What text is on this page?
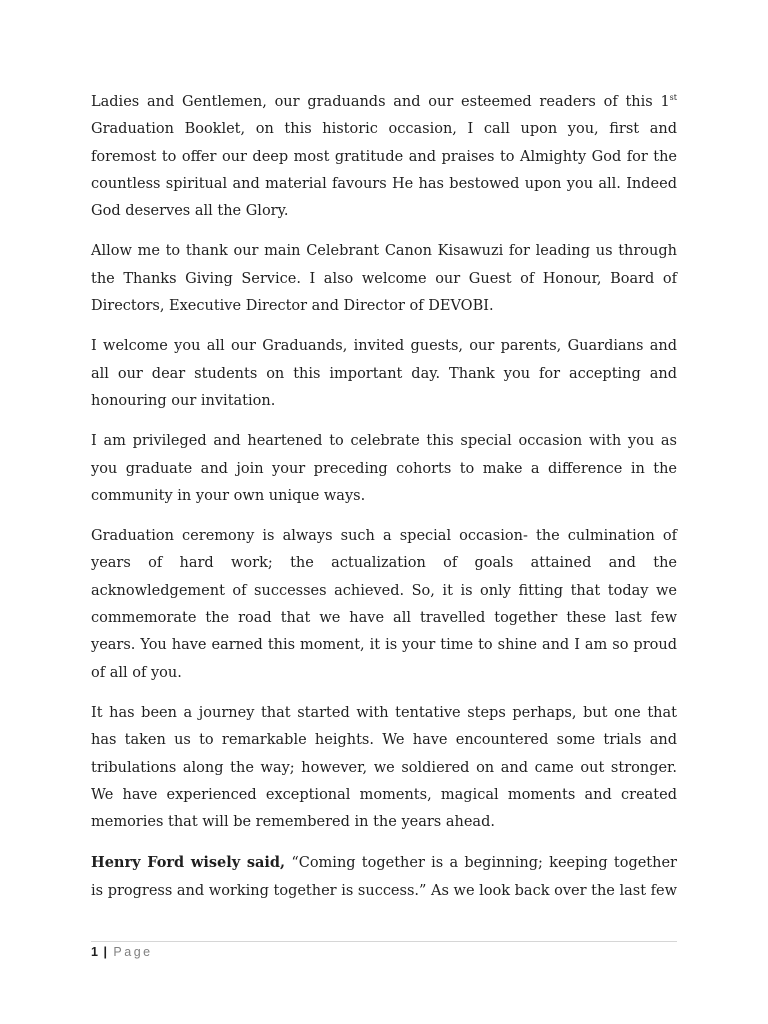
Ladies and Gentlemen, our graduands and our esteemed readers of this 1st Graduation Booklet, on this historic occasion, I call upon you, first and foremost to offer our deep most gratitude and praises to Almighty God for the countless spiritual and material favours He has bestowed upon you all. Indeed God deserves all the Glory.

Allow me to thank our main Celebrant Canon Kisawuzi for leading us through the Thanks Giving Service. I also welcome our Guest of Honour, Board of Directors, Executive Director and Director of DEVOBI.

I welcome you all our Graduands, invited guests, our parents, Guardians and all our dear students on this important day. Thank you for accepting and honouring our invitation.

I am privileged and heartened to celebrate this special occasion with you as you graduate and join your preceding cohorts to make a difference in the community in your own unique ways.

Graduation ceremony is always such a special occasion- the culmination of years of hard work; the actualization of goals attained and the acknowledgement of successes achieved. So, it is only fitting that today we commemorate the road that we have all travelled together these last few years. You have earned this moment, it is your time to shine and I am so proud of all of you.

It has been a journey that started with tentative steps perhaps, but one that has taken us to remarkable heights. We have encountered some trials and tribulations along the way; however, we soldiered on and came out stronger. We have experienced exceptional moments, magical moments and created memories that will be remembered in the years ahead.

Henry Ford wisely said, “Coming together is a beginning; keeping together is progress and working together is success.” As we look back over the last few

1 | Page
